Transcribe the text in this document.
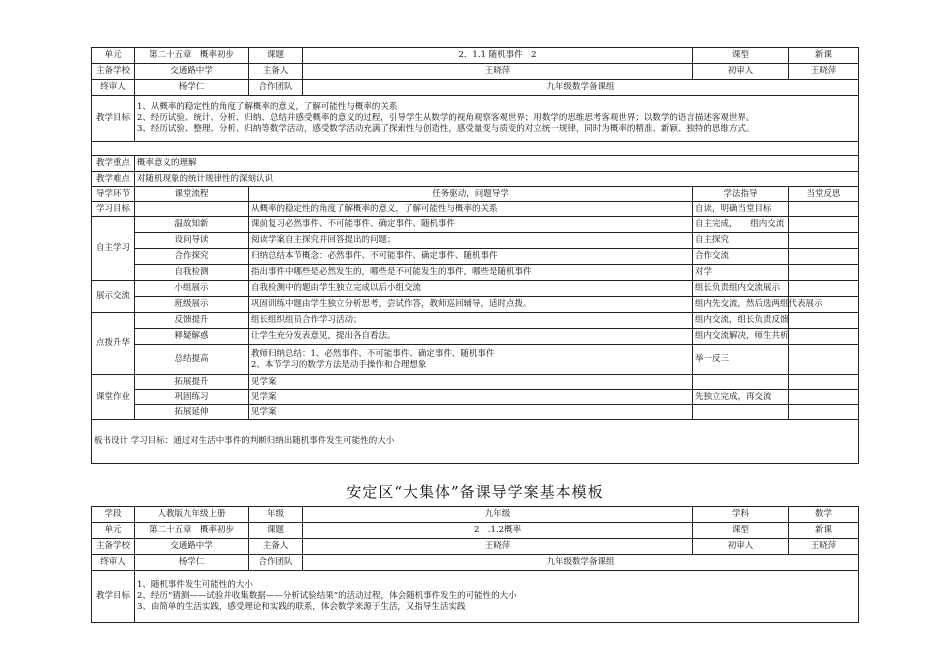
单元	第二十五章　概率初步	课题	2．1.1 随机事件　2	课型	新课
主备学校	交通路中学	主备人	王晓萍	初审人	王晓萍
终审人	杨学仁	合作团队	九年级数学备课组		
教学目标	1、从概率的稳定性的角度了解概率的意义，了解可能性与概率的关系
2、经历试验、统计、分析、归纳、总结并感受概率的意义的过程，引导学生从数学的视角观察客观世界；用数学的思维思考客观世界；以数学的语言描述客观世界。
3、经历试验、整理、分析、归纳等数学活动，感受数学活动充满了探索性与创造性，感受量变与质变的对立统一规律，同时为概率的精准、新颖、独特的思维方式。				

教学重点	概率意义的理解				
教学难点	对随机现象的统计规律性的深刻认识				
导学环节	课堂流程	任务驱动，问题导学		学法指导	当堂反思
学习目标		从概率的稳定性的角度了解概率的意义，了解可能性与概率的关系		自读，明确当堂目标	
自主学习	温故知新	课前复习必然事件、不可能事件、确定事件、随机事件		自主完成，　　组内交流	
	设问导读	阅读学案自主探究并回答提出的问题；		自主探究	
	合作探究	归纳总结本节概念：必然事件、不可能事件、确定事件、随机事件		合作交流	
	自我检测	指出事件中哪些是必然发生的，哪些是不可能发生的事件，哪些是随机事件		对学	
展示交流	小组展示	自我检测中的题由学生独立完成以后小组交流		组长负责组内交流展示	
	班级展示	巩固训练中题由学生独立分析思考，尝试作答，教师巡回辅导，适时点拨。		组内先交流，然后选两组代表展示	
点拨升华	反馈提升	组长组织组员合作学习活动；		组内交流，组长负责反馈	
	释疑解惑	让学生充分发表意见，提出各自看法。		组内交流解决，师生共析	
	总结提高	教师归纳总结：1、必然事件、不可能事件、确定事件、随机事件
2、本节学习的数学方法是动手操作和合理想象		举一反三	
课堂作业	拓展提升	见学案			
	巩固练习	见学案		先独立完成，再交流	
	拓展延伸	见学案			
板书设计 学习目标：通过对生活中事件的判断归纳出随机事件发生可能性的大小					
安定区“大集体”备课导学案基本模板
学段	人教版九年级上册	年级	九年级	学科	数学
单元	第二十五章　概率初步	课题	2　.1.2概率	课型	新课
主备学校	交通路中学	主备人	王晓萍	初审人	王晓萍
终审人	杨学仁	合作团队	九年级数学备课组		
教学目标	1、随机事件发生可能性的大小
2、经历“猜测——试验并收集数据——分析试验结果”的活动过程，体会随机事件发生的可能性的大小
3、由简单的生活实践，感受理论和实践的联系，体会数学来源于生活，又指导生活实践				
